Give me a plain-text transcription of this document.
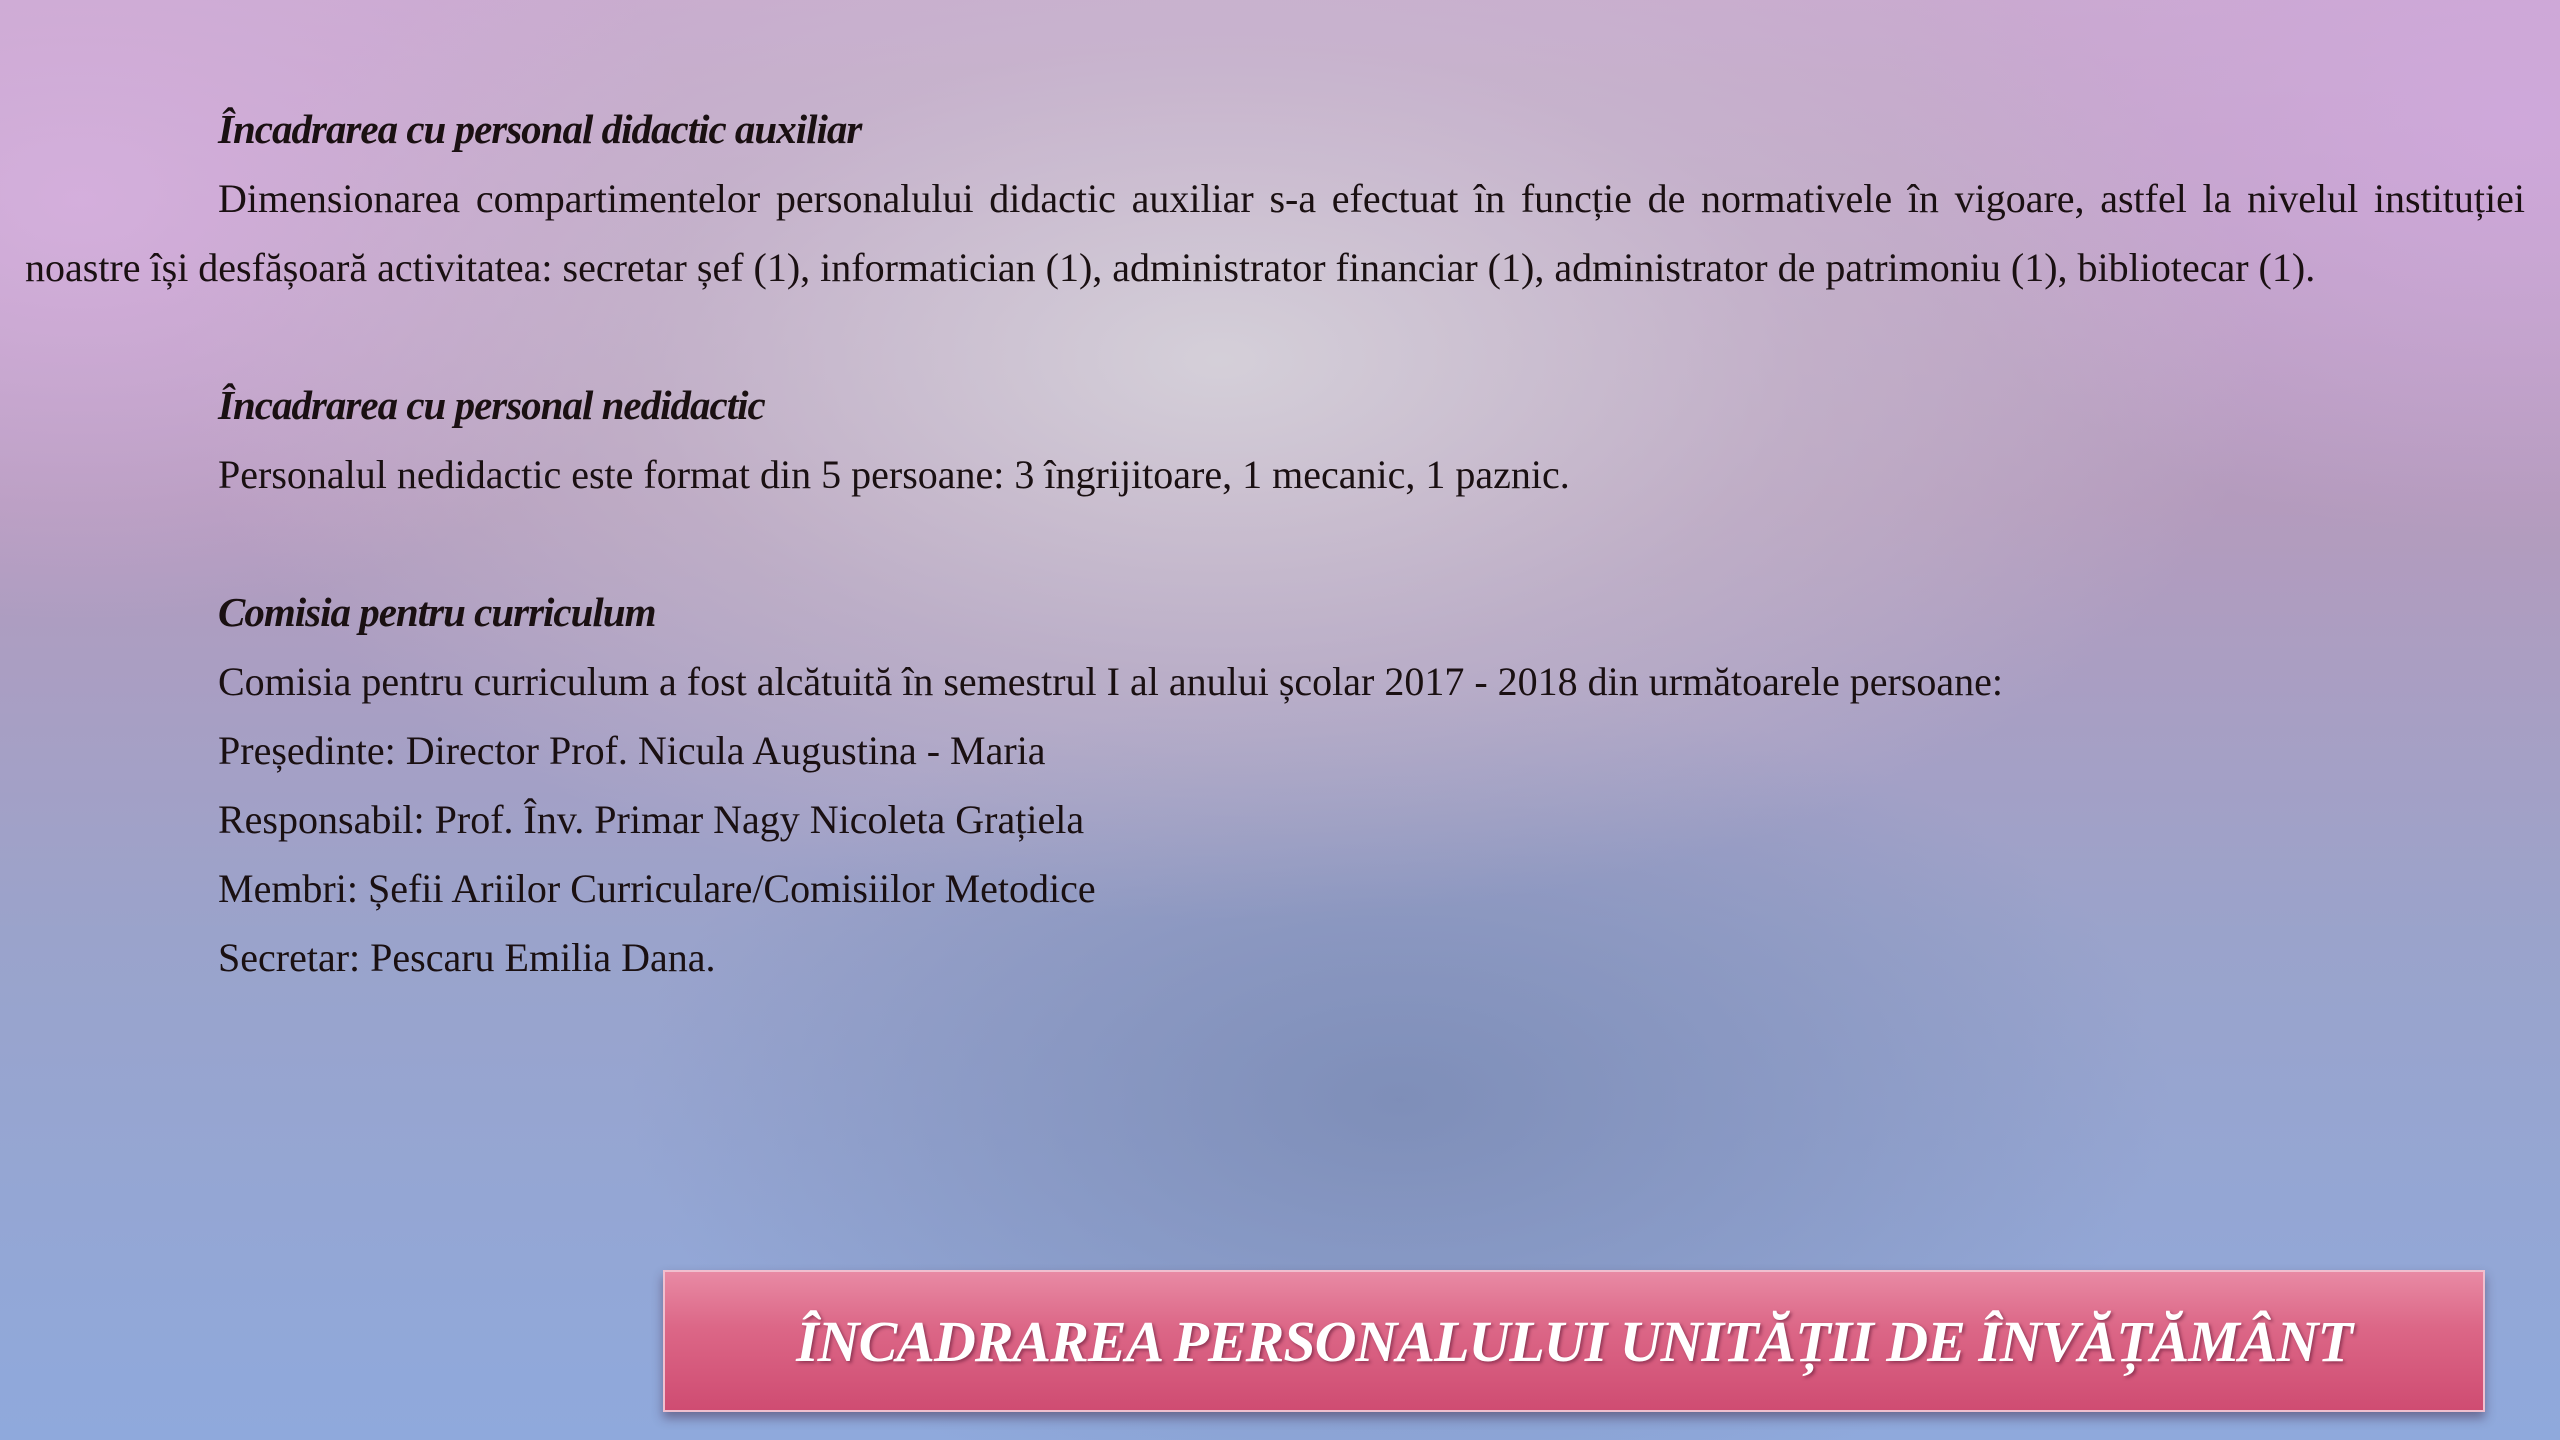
Încadrarea cu personal didactic auxiliar

Dimensionarea compartimentelor personalului didactic auxiliar s-a efectuat în funcție de normativele în vigoare, astfel la nivelul instituției noastre își desfășoară activitatea: secretar șef (1), informatician (1), administrator financiar (1), administrator de patrimoniu (1), bibliotecar (1).

Încadrarea cu personal nedidactic

Personalul nedidactic este format din 5 persoane: 3 îngrijitoare, 1 mecanic, 1 paznic.

Comisia pentru curriculum

Comisia pentru curriculum a fost alcătuită în semestrul I al anului școlar 2017 - 2018 din următoarele persoane:

Președinte: Director Prof. Nicula Augustina - Maria

Responsabil: Prof. Înv. Primar Nagy Nicoleta Grațiela

Membri: Șefii Ariilor Curriculare/Comisiilor Metodice

Secretar: Pescaru Emilia Dana.

ÎNCADRAREA PERSONALULUI UNITĂȚII DE ÎNVĂȚĂMÂNT
